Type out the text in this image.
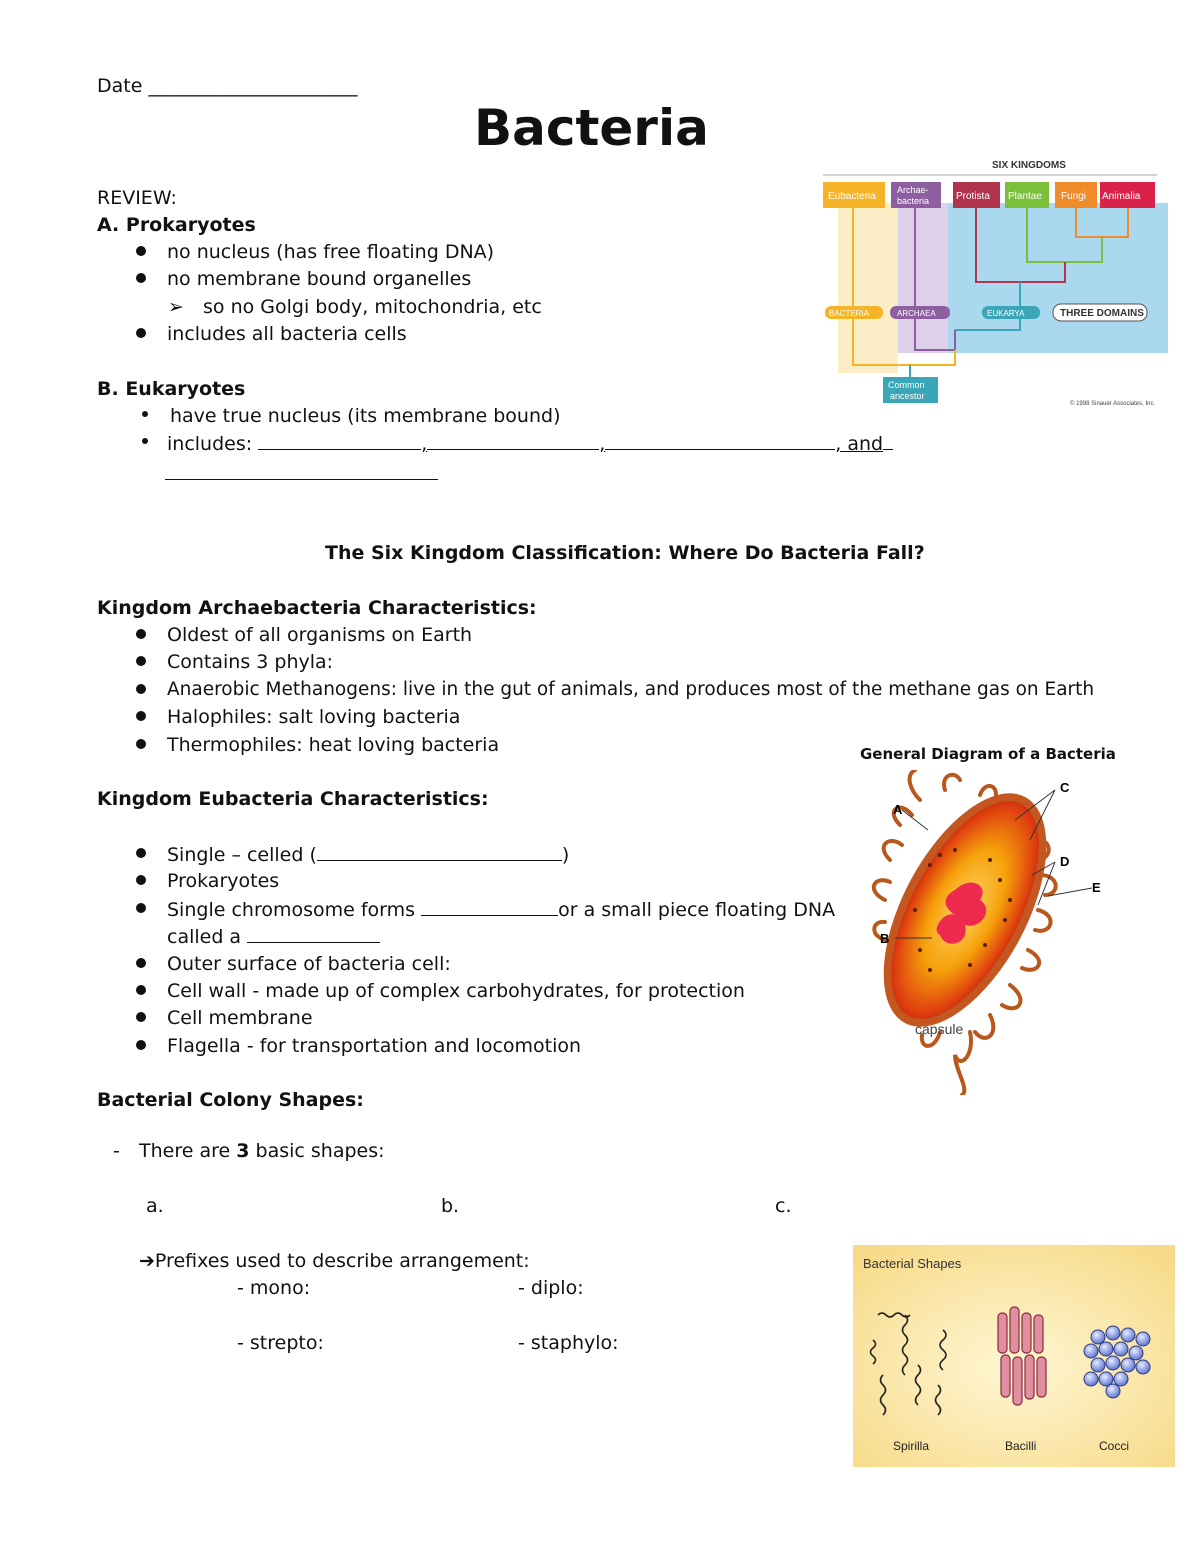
Date ______________________
Bacteria
REVIEW:
A. Prokaryotes
no nucleus (has free floating DNA)
no membrane bound organelles
➢ so no Golgi body, mitochondria, etc
includes all bacteria cells
B. Eukaryotes
have true nucleus (its membrane bound)
includes:	,	,	, and
SIX KINGDOMS
Eubacteria
Archae-
bacteria	Protista Plantae Fungi Animalia
BACTERIA	ARCHAEA	EUKARYA	THREE DOMAINS
Common
ancestor
© 1998 Sinauer Associates, Inc.
The Six Kingdom Classification: Where Do Bacteria Fall?
Kingdom Archaebacteria Characteristics:
Oldest of all organisms on Earth
Contains 3 phyla:
Anaerobic Methanogens: live in the gut of animals, and produces most of the methane gas on Earth
Halophiles: salt loving bacteria
Thermophiles: heat loving bacteria	General Diagram of a Bacteria
A
B
C
D
E
capsule
Kingdom Eubacteria Characteristics:
Single – celled (	)
Prokaryotes
Single chromosome forms	or a small piece floating DNA
called a
Outer surface of bacteria cell:
Cell wall - made up of complex carbohydrates, for protection
Cell membrane
Flagella - for transportation and locomotion
Bacterial Colony Shapes:
- There are 3 basic shapes:
a.	b.	c.
➔Prefixes used to describe arrangement:
- mono:	- diplo:
- strepto:	- staphylo:
Bacterial Shapes
Spirilla	Bacilli	Cocci
